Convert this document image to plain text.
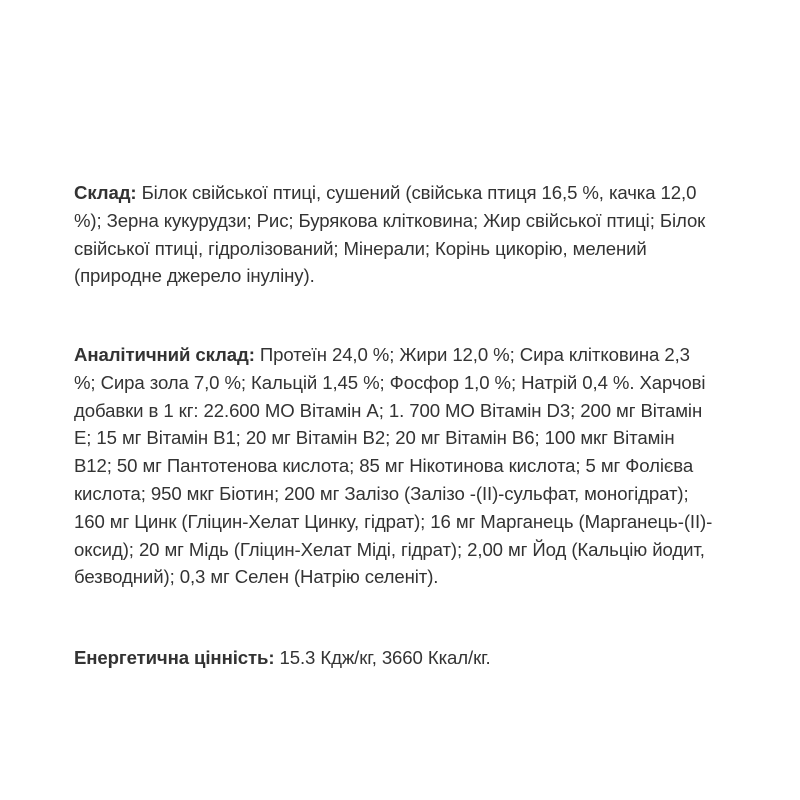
Склад: Білок свійської птиці, сушений (свійська птиця 16,5 %, качка 12,0 %); Зерна кукурудзи; Рис; Бурякова клітковина; Жир свійської птиці; Білок свійської птиці, гідролізований; Мінерали; Корінь цикорію, мелений (природне джерело інуліну).

Аналітичний склад: Протеїн 24,0 %; Жири 12,0 %; Сира клітковина 2,3 %; Сира зола 7,0 %; Кальцій 1,45 %; Фосфор 1,0 %; Натрій 0,4 %. Харчові добавки в 1 кг: 22.600 МО Вітамін А; 1. 700 МО Вітамін D3; 200 мг Вітамін Е; 15 мг Вітамін В1; 20 мг Вітамін В2; 20 мг Вітамін В6; 100 мкг Вітамін В12; 50 мг Пантотенова кислота; 85 мг Нікотинова кислота; 5 мг Фолієва кислота; 950 мкг Біотин; 200 мг Залізо (Залізо -(II)-сульфат, моногідрат); 160 мг Цинк (Гліцин-Хелат Цинку, гідрат); 16 мг Марганець (Марганець-(II)-оксид); 20 мг Мідь (Гліцин-Хелат Міді, гідрат); 2,00 мг Йод (Кальцію йодит, безводний); 0,3 мг Селен (Натрію селеніт).

Енергетична цінність: 15.3 Кдж/кг, 3660 Ккал/кг.
